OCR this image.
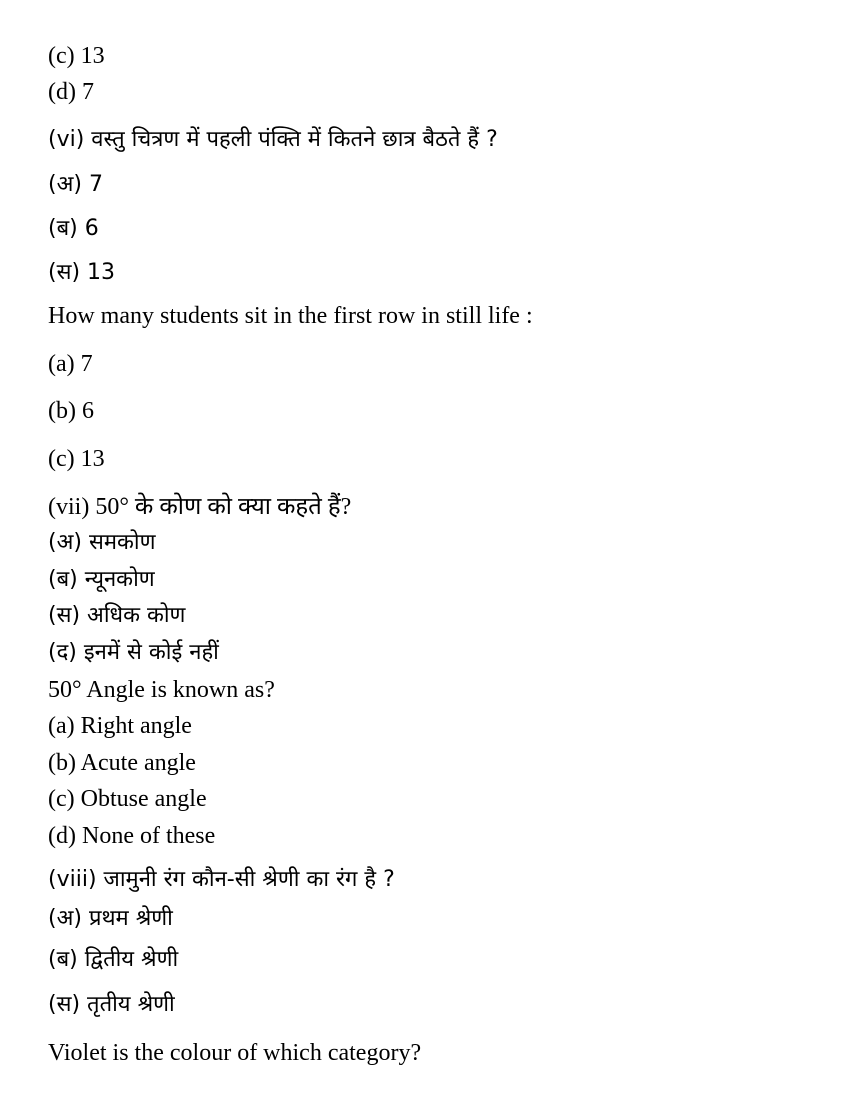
(c) 13

(d) 7

(vi) वस्तु चित्रण में पहली पंक्ति में कितने छात्र बैठते हैं ?

(अ) 7

(ब) 6

(स) 13

How many students sit in the first row in still life :

(a) 7

(b) 6

(c) 13

(vii) 50° के कोण को क्या कहते हैं?

(अ) समकोण

(ब) न्यूनकोण

(स) अधिक कोण

(द) इनमें से कोई नहीं

50° Angle is known as?

(a) Right angle

(b) Acute angle

(c) Obtuse angle

(d) None of these

(viii) जामुनी रंग कौन-सी श्रेणी का रंग है ?

(अ) प्रथम श्रेणी

(ब) द्वितीय श्रेणी

(स) तृतीय श्रेणी

Violet is the colour of which category?
